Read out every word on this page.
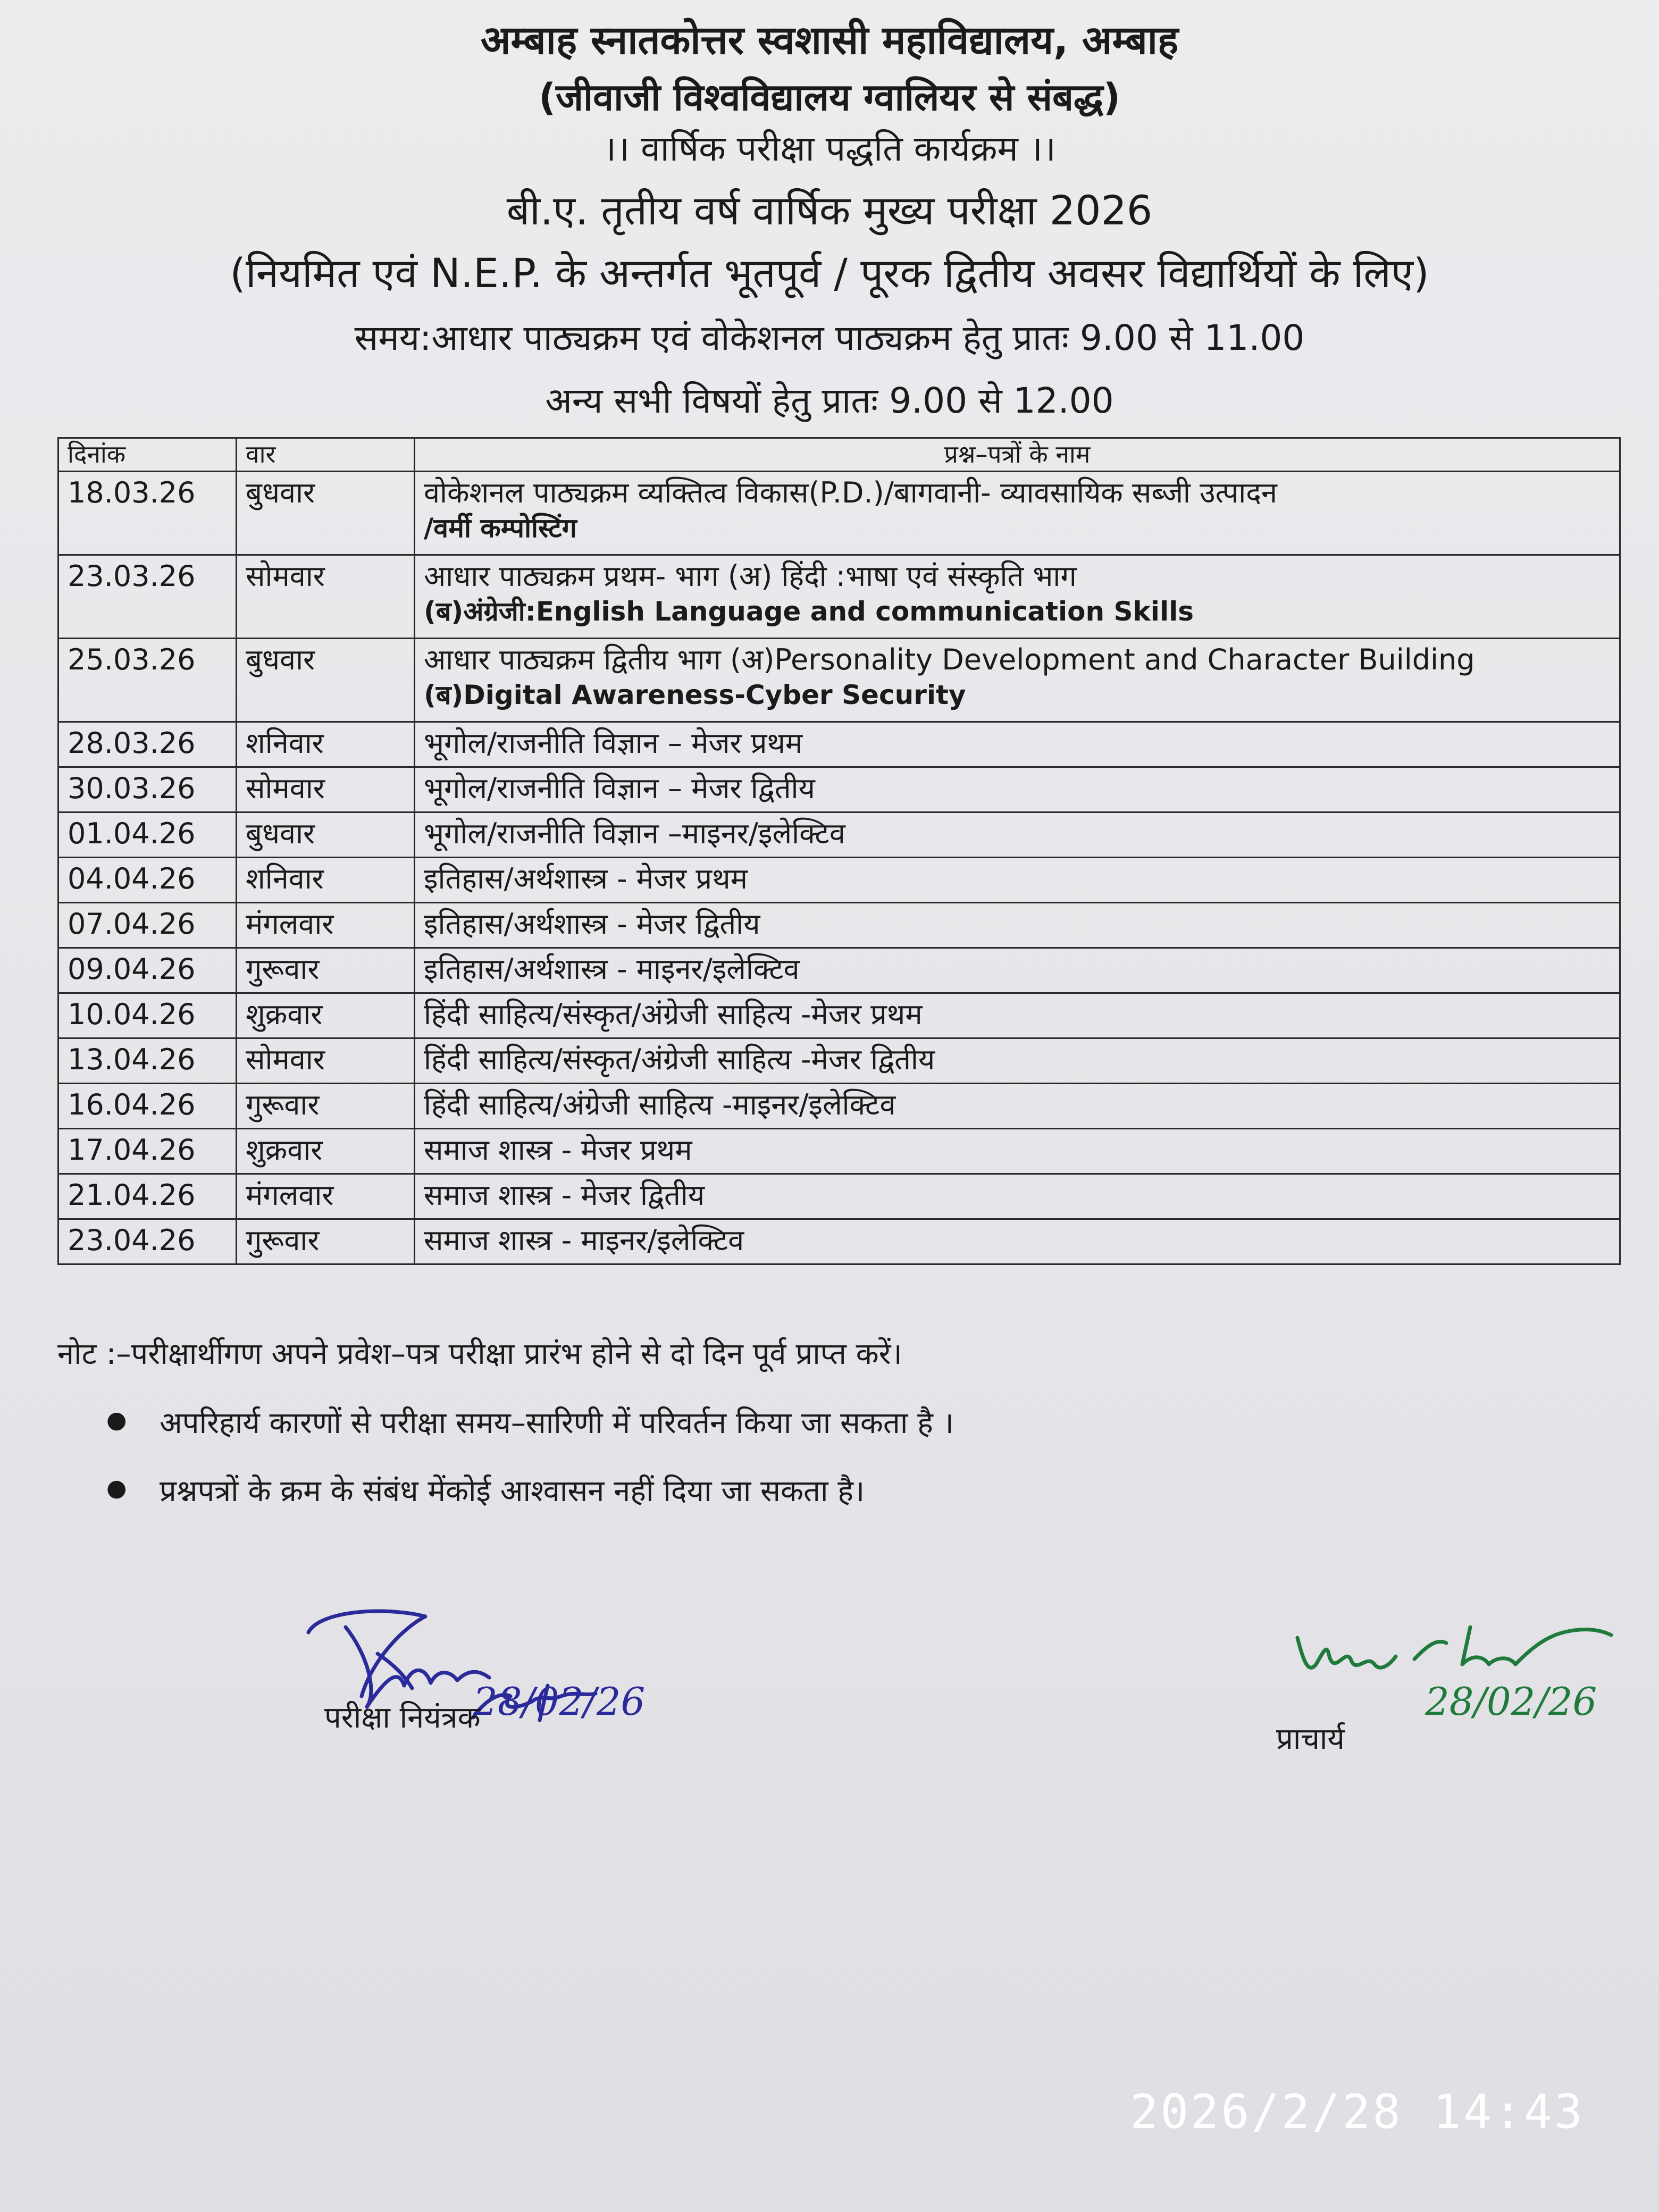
अम्बाह स्नातकोत्तर स्वशासी महाविद्यालय, अम्बाह
(जीवाजी विश्वविद्यालय ग्वालियर से संबद्ध)
।। वार्षिक परीक्षा पद्धति कार्यक्रम ।।
बी.ए. तृतीय वर्ष वार्षिक मुख्य परीक्षा 2026
(नियमित एवं N.E.P. के अन्तर्गत भूतपूर्व / पूरक द्वितीय अवसर विद्यार्थियों के लिए)
समय:आधार पाठ्यक्रम एवं वोकेशनल पाठ्यक्रम हेतु प्रातः 9.00 से 11.00
अन्य सभी विषयों हेतु प्रातः 9.00 से 12.00
दिनांक	वार	प्रश्न–पत्रों के नाम
18.03.26	बुधवार	वोकेशनल पाठ्यक्रम व्यक्तित्व विकास(P.D.)/बागवानी- व्यावसायिक सब्जी उत्पादन
/वर्मी कम्पोस्टिंग

23.03.26	सोमवार	आधार पाठ्यक्रम प्रथम- भाग (अ) हिंदी :भाषा एवं संस्कृति भाग
(ब)अंग्रेजी:English Language and communication Skills

25.03.26	बुधवार	आधार पाठ्यक्रम द्वितीय भाग (अ)Personality Development and Character Building
(ब)Digital Awareness-Cyber Security

28.03.26	शनिवार	भूगोल/राजनीति विज्ञान – मेजर प्रथम
30.03.26	सोमवार	भूगोल/राजनीति विज्ञान – मेजर द्वितीय
01.04.26	बुधवार	भूगोल/राजनीति विज्ञान –माइनर/इलेक्टिव
04.04.26	शनिवार	इतिहास/अर्थशास्त्र - मेजर प्रथम
07.04.26	मंगलवार	इतिहास/अर्थशास्त्र - मेजर द्वितीय
09.04.26	गुरूवार	इतिहास/अर्थशास्त्र - माइनर/इलेक्टिव
10.04.26	शुक्रवार	हिंदी साहित्य/संस्कृत/अंग्रेजी साहित्य -मेजर प्रथम
13.04.26	सोमवार	हिंदी साहित्य/संस्कृत/अंग्रेजी साहित्य -मेजर द्वितीय
16.04.26	गुरूवार	हिंदी साहित्य/अंग्रेजी साहित्य -माइनर/इलेक्टिव
17.04.26	शुक्रवार	समाज शास्त्र - मेजर प्रथम
21.04.26	मंगलवार	समाज शास्त्र - मेजर द्वितीय
23.04.26	गुरूवार	समाज शास्त्र - माइनर/इलेक्टिव
नोट :–परीक्षार्थीगण अपने प्रवेश–पत्र परीक्षा प्रारंभ होने से दो दिन पूर्व प्राप्त करें।
● अपरिहार्य कारणों से परीक्षा समय–सारिणी में परिवर्तन किया जा सकता है ।
● प्रश्नपत्रों के क्रम के संबंध मेंकोई आश्वासन नहीं दिया जा सकता है।
28/02/26
परीक्षा नियंत्रक	28/02/26
प्राचार्य
2026/2/28 14:43
